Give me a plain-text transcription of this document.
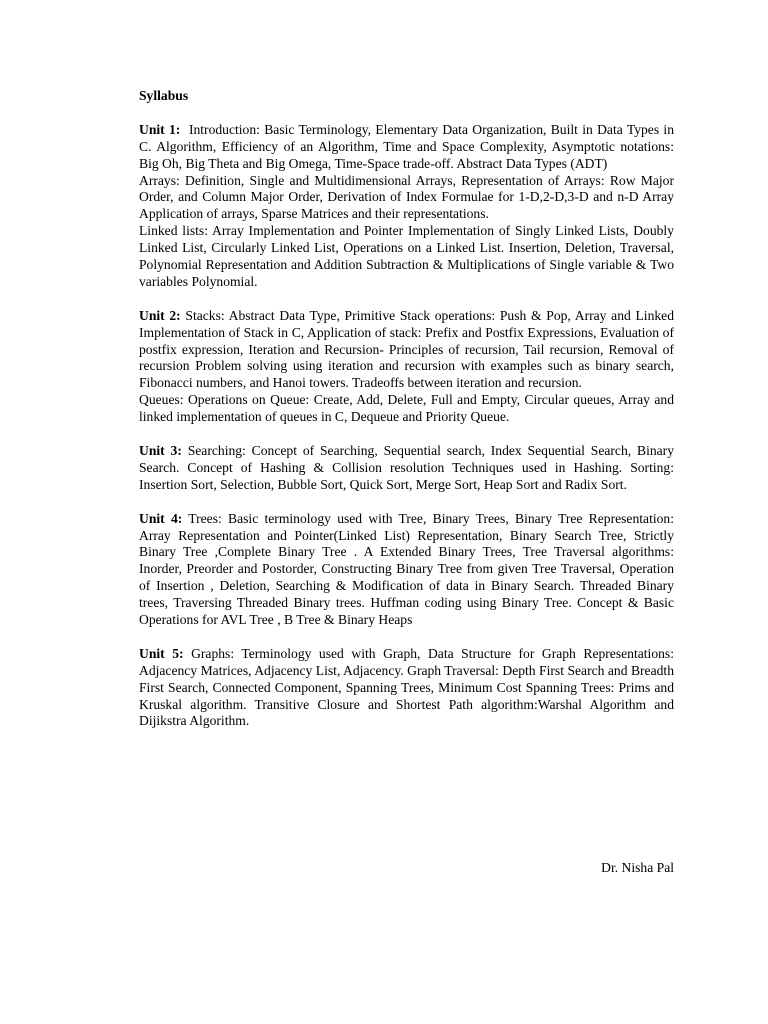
Syllabus

Unit 1: Introduction: Basic Terminology, Elementary Data Organization, Built in Data Types in C. Algorithm, Efficiency of an Algorithm, Time and Space Complexity, Asymptotic notations: Big Oh, Big Theta and Big Omega, Time-Space trade-off. Abstract Data Types (ADT)

Arrays: Definition, Single and Multidimensional Arrays, Representation of Arrays: Row Major Order, and Column Major Order, Derivation of Index Formulae for 1-D,2-D,3-D and n-D Array Application of arrays, Sparse Matrices and their representations.

Linked lists: Array Implementation and Pointer Implementation of Singly Linked Lists, Doubly Linked List, Circularly Linked List, Operations on a Linked List. Insertion, Deletion, Traversal, Polynomial Representation and Addition Subtraction & Multiplications of Single variable & Two variables Polynomial.

Unit 2: Stacks: Abstract Data Type, Primitive Stack operations: Push & Pop, Array and Linked Implementation of Stack in C, Application of stack: Prefix and Postfix Expressions, Evaluation of postfix expression, Iteration and Recursion- Principles of recursion, Tail recursion, Removal of recursion Problem solving using iteration and recursion with examples such as binary search, Fibonacci numbers, and Hanoi towers. Tradeoffs between iteration and recursion.

Queues: Operations on Queue: Create, Add, Delete, Full and Empty, Circular queues, Array and linked implementation of queues in C, Dequeue and Priority Queue.

Unit 3: Searching: Concept of Searching, Sequential search, Index Sequential Search, Binary Search. Concept of Hashing & Collision resolution Techniques used in Hashing. Sorting: Insertion Sort, Selection, Bubble Sort, Quick Sort, Merge Sort, Heap Sort and Radix Sort.

Unit 4: Trees: Basic terminology used with Tree, Binary Trees, Binary Tree Representation: Array Representation and Pointer(Linked List) Representation, Binary Search Tree, Strictly Binary Tree ,Complete Binary Tree . A Extended Binary Trees, Tree Traversal algorithms: Inorder, Preorder and Postorder, Constructing Binary Tree from given Tree Traversal, Operation of Insertion , Deletion, Searching & Modification of data in Binary Search. Threaded Binary trees, Traversing Threaded Binary trees. Huffman coding using Binary Tree. Concept & Basic Operations for AVL Tree , B Tree & Binary Heaps

Unit 5: Graphs: Terminology used with Graph, Data Structure for Graph Representations: Adjacency Matrices, Adjacency List, Adjacency. Graph Traversal: Depth First Search and Breadth First Search, Connected Component, Spanning Trees, Minimum Cost Spanning Trees: Prims and Kruskal algorithm. Transitive Closure and Shortest Path algorithm:Warshal Algorithm and Dijikstra Algorithm.

Dr. Nisha Pal
